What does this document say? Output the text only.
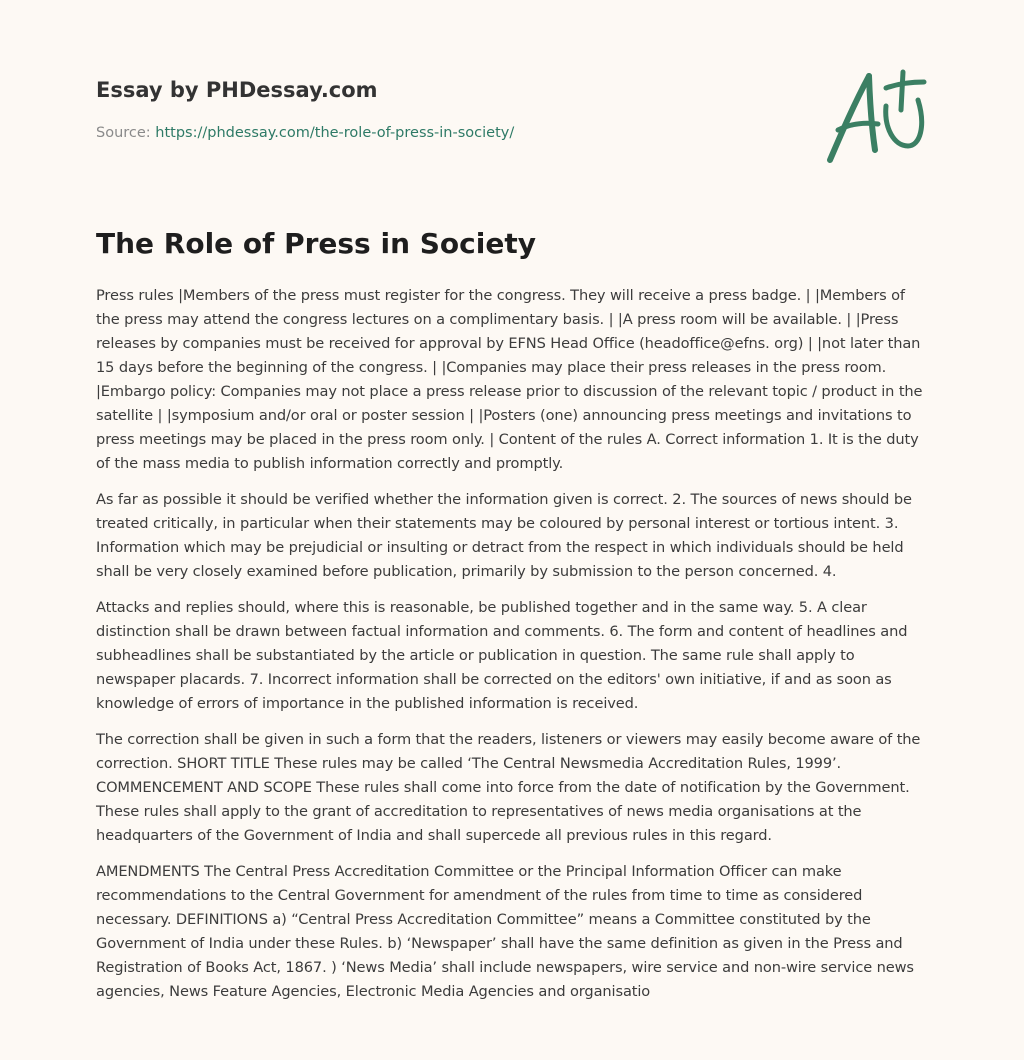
Essay by PHDessay.com
Source: https://phdessay.com/the-role-of-press-in-society/
The Role of Press in Society

Press rules |Members of the press must register for the congress. They will receive a press badge. | |Members of the press may attend the congress lectures on a complimentary basis. | |A press room will be available. | |Press releases by companies must be received for approval by EFNS Head Office (headoffice@efns. org) | |not later than 15 days before the beginning of the congress. | |Companies may place their press releases in the press room. |Embargo policy: Companies may not place a press release prior to discussion of the relevant topic / product in the satellite | |symposium and/or oral or poster session | |Posters (one) announcing press meetings and invitations to press meetings may be placed in the press room only. | Content of the rules A. Correct information 1. It is the duty of the mass media to publish information correctly and promptly.

As far as possible it should be verified whether the information given is correct. 2. The sources of news should be treated critically, in particular when their statements may be coloured by personal interest or tortious intent. 3. Information which may be prejudicial or insulting or detract from the respect in which individuals should be held shall be very closely examined before publication, primarily by submission to the person concerned. 4.

Attacks and replies should, where this is reasonable, be published together and in the same way. 5. A clear distinction shall be drawn between factual information and comments. 6. The form and content of headlines and subheadlines shall be substantiated by the article or publication in question. The same rule shall apply to newspaper placards. 7. Incorrect information shall be corrected on the editors' own initiative, if and as soon as knowledge of errors of importance in the published information is received.

The correction shall be given in such a form that the readers, listeners or viewers may easily become aware of the correction. SHORT TITLE These rules may be called ‘The Central Newsmedia Accreditation Rules, 1999’. COMMENCEMENT AND SCOPE These rules shall come into force from the date of notification by the Government. These rules shall apply to the grant of accreditation to representatives of news media organisations at the headquarters of the Government of India and shall supercede all previous rules in this regard.

AMENDMENTS The Central Press Accreditation Committee or the Principal Information Officer can make recommendations to the Central Government for amendment of the rules from time to time as considered necessary. DEFINITIONS a) “Central Press Accreditation Committee” means a Committee constituted by the Government of India under these Rules. b) ‘Newspaper’ shall have the same definition as given in the Press and Registration of Books Act, 1867. ) ‘News Media’ shall include newspapers, wire service and non-wire service news agencies, News Feature Agencies, Electronic Media Agencies and organisatio
